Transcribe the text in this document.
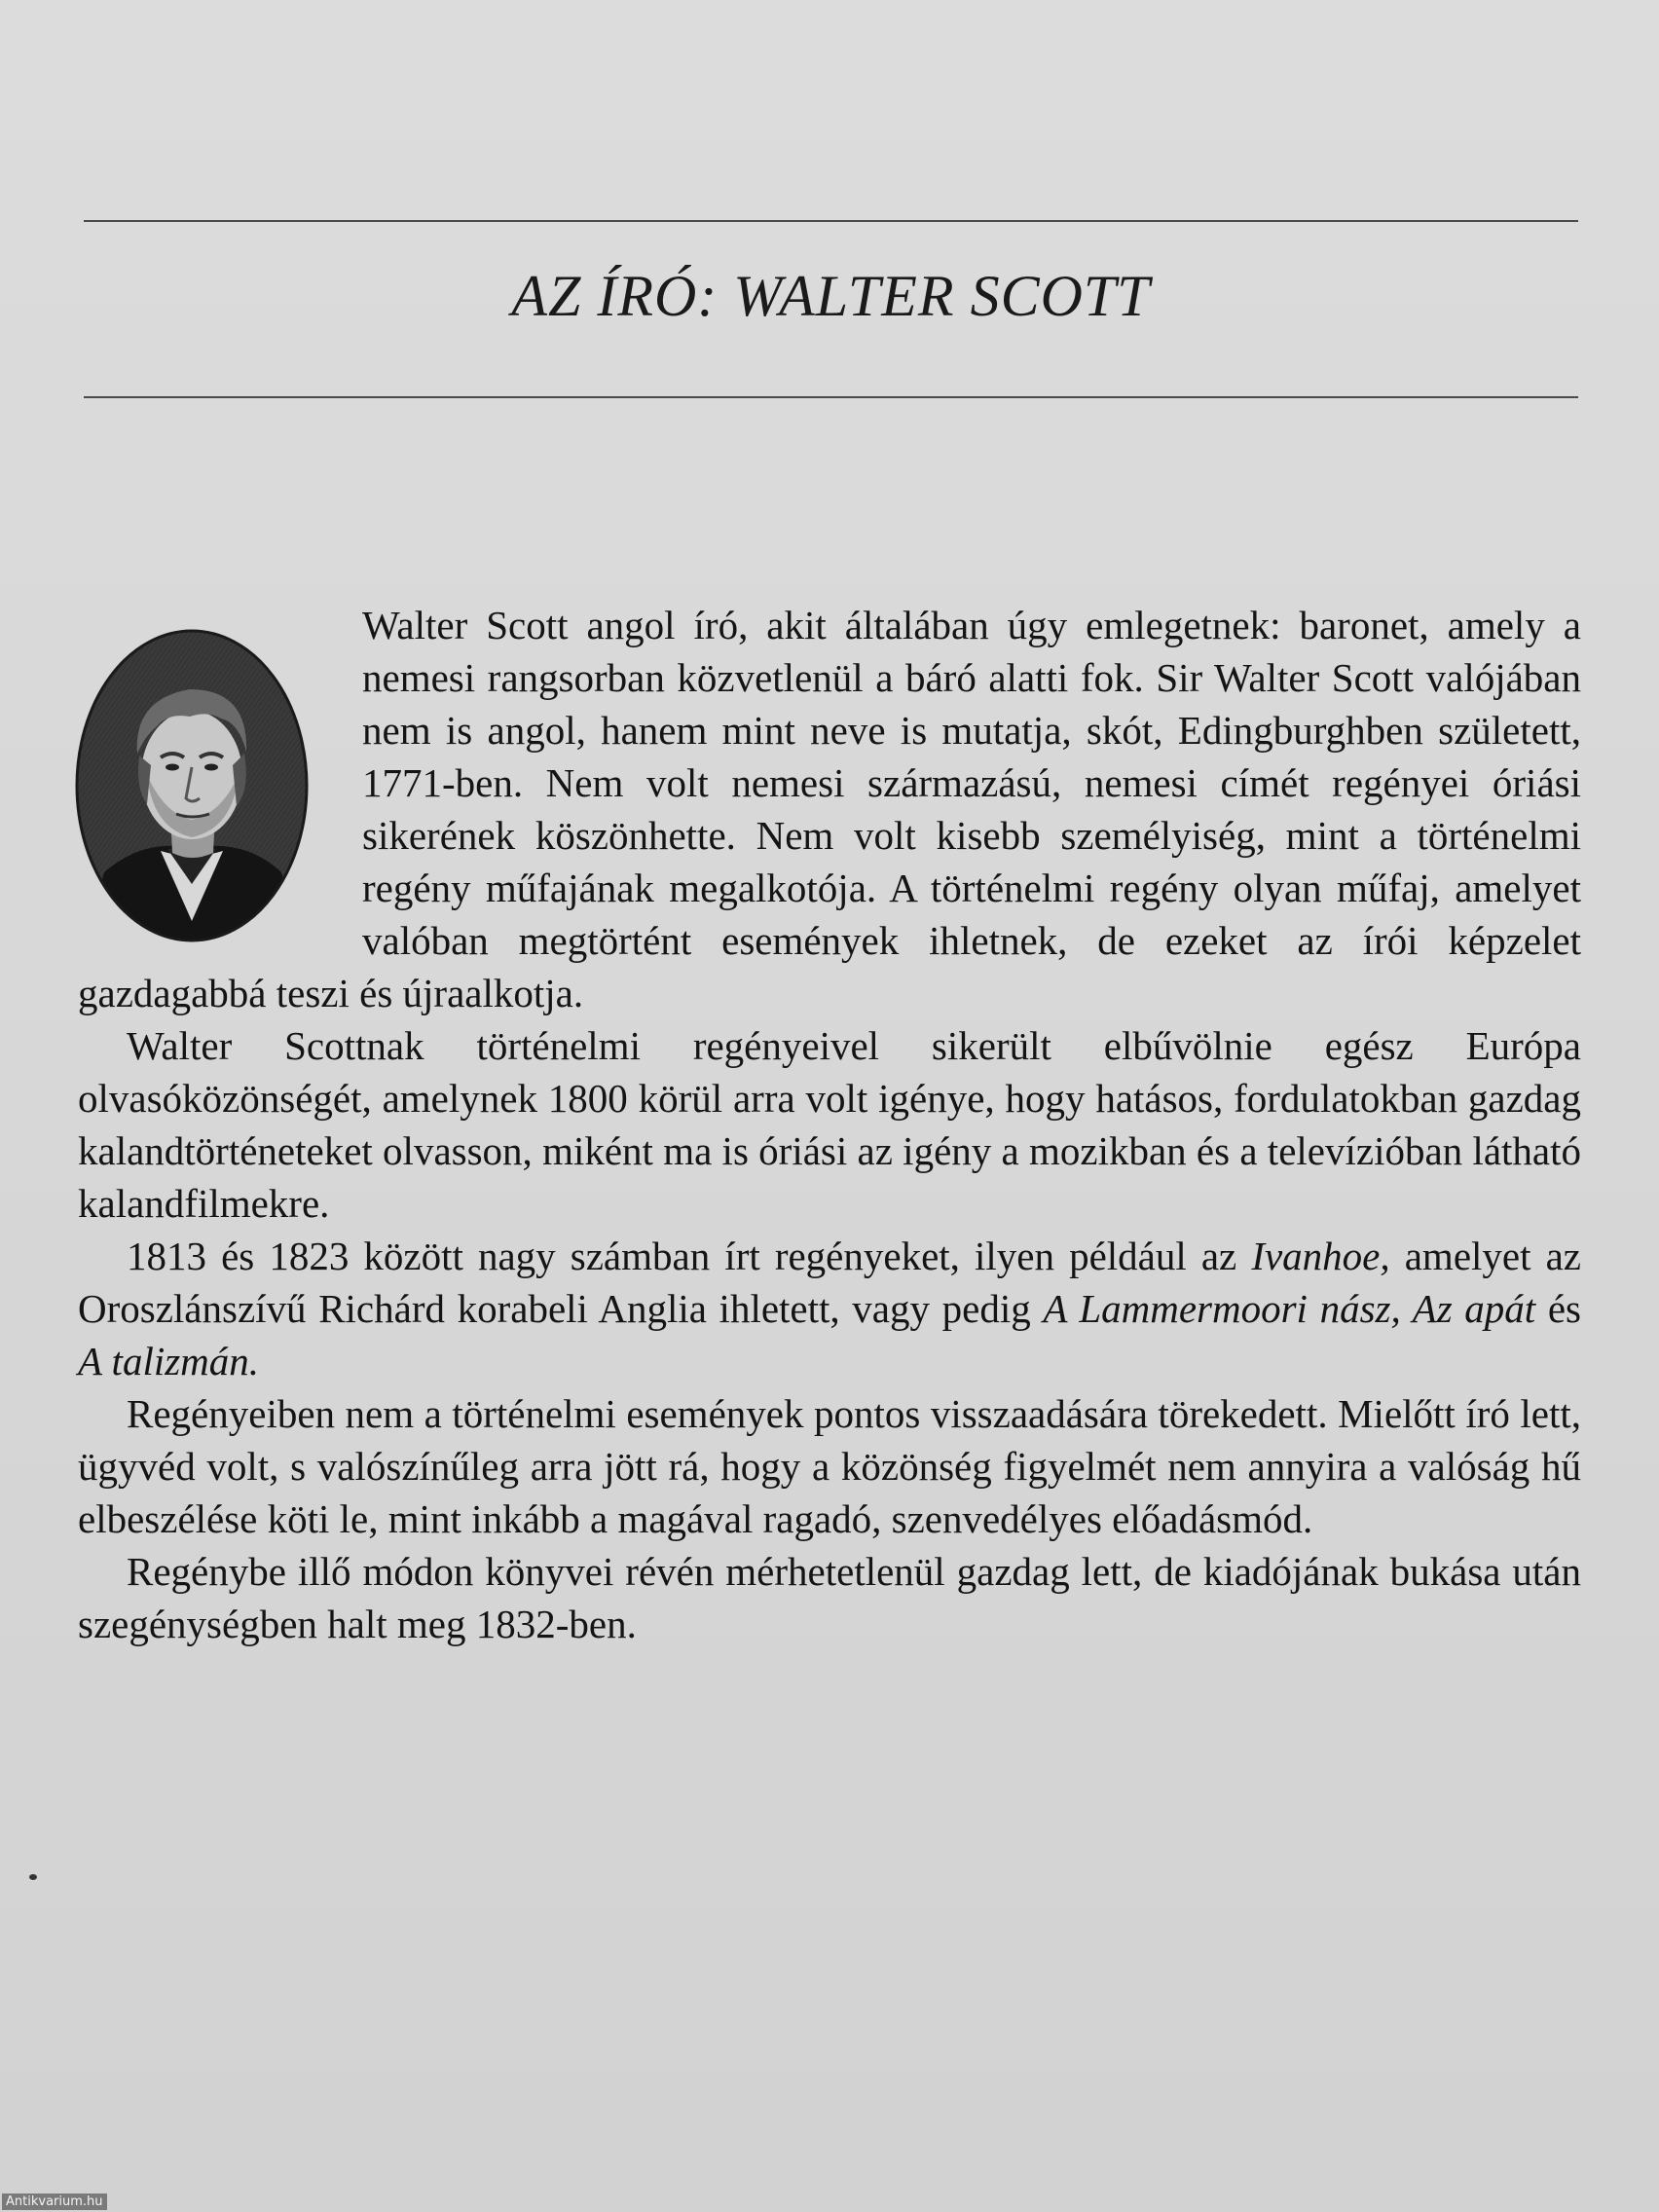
AZ ÍRÓ: WALTER SCOTT

Walter Scott angol író, akit általában úgy emlegetnek: baronet, amely a nemesi rangsorban közvetlenül a báró alatti fok. Sir Walter Scott valójában nem is angol, hanem mint neve is mutatja, skót, Edingburghben született, 1771-ben. Nem volt nemesi származású, nemesi címét regényei óriási sikerének köszönhette. Nem volt kisebb személyiség, mint a történelmi regény műfajának megalkotója. A történelmi regény olyan műfaj, amelyet valóban megtörtént események ihletnek, de ezeket az írói képzelet gazdagabbá teszi és újraalkotja.

Walter Scottnak történelmi regényeivel sikerült elbűvölnie egész Európa olvasóközönségét, amelynek 1800 körül arra volt igénye, hogy hatásos, fordulatokban gazdag kalandtörténeteket olvasson, miként ma is óriási az igény a mozikban és a televízióban látható kalandfilmekre.

1813 és 1823 között nagy számban írt regényeket, ilyen például az Ivanhoe, amelyet az Oroszlánszívű Richárd korabeli Anglia ihletett, vagy pedig A Lammermoori nász, Az apát és A talizmán.

Regényeiben nem a történelmi események pontos visszaadására törekedett. Mielőtt író lett, ügyvéd volt, s valószínűleg arra jött rá, hogy a közönség figyelmét nem annyira a valóság hű elbeszélése köti le, mint inkább a magával ragadó, szenvedélyes előadásmód.

Regénybe illő módon könyvei révén mérhetetlenül gazdag lett, de kiadójának bukása után szegénységben halt meg 1832-ben.

Antikvarium.hu
